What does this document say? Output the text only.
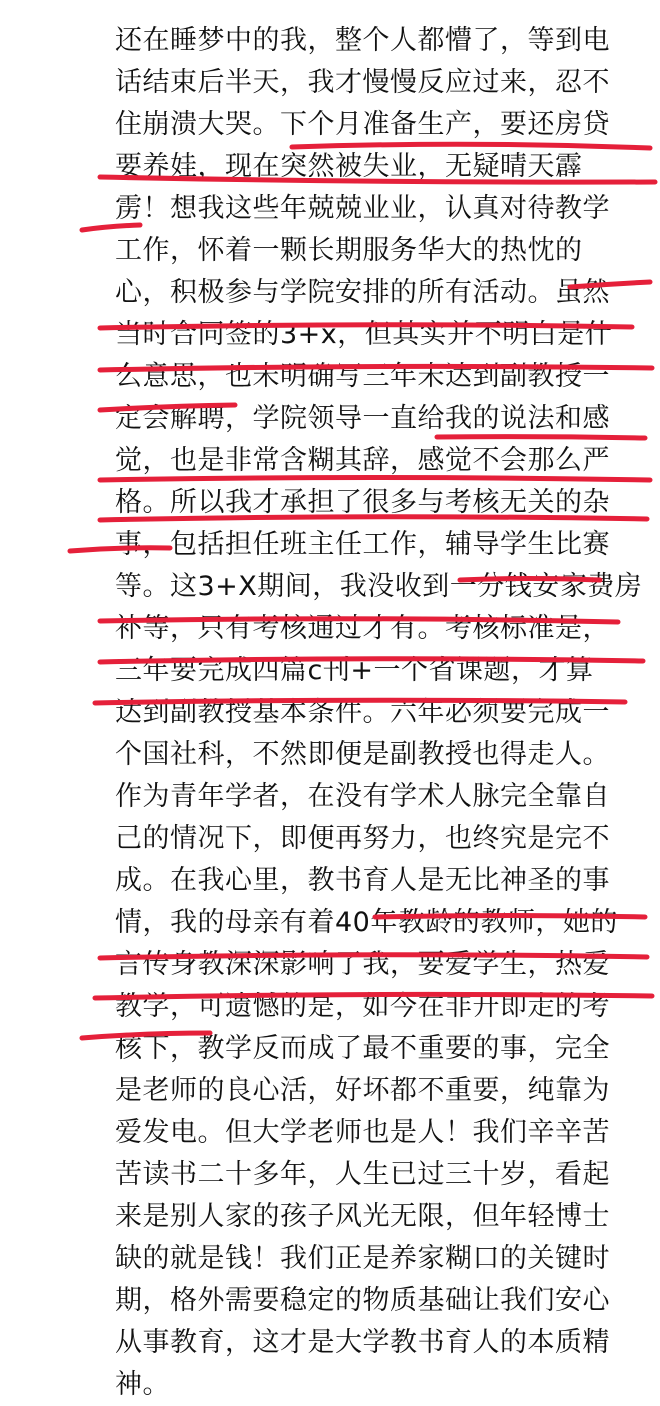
还在睡梦中的我，整个人都懵了，等到电
话结束后半天，我才慢慢反应过来，忍不
住崩溃大哭。下个月准备生产，要还房贷
要养娃，现在突然被失业，无疑晴天霹
雳！想我这些年兢兢业业，认真对待教学
工作，怀着一颗长期服务华大的热忱的
心，积极参与学院安排的所有活动。虽然
当时合同签的3+x，但其实并不明白是什
么意思，也未明确写三年未达到副教授一
定会解聘，学院领导一直给我的说法和感
觉，也是非常含糊其辞，感觉不会那么严
格。所以我才承担了很多与考核无关的杂
事，包括担任班主任工作，辅导学生比赛
等。这3+X期间，我没收到一分钱安家费房
补等，只有考核通过才有。考核标准是，
三年要完成四篇c刊+一个省课题，才算
达到副教授基本条件。六年必须要完成一
个国社科，不然即便是副教授也得走人。
作为青年学者，在没有学术人脉完全靠自
己的情况下，即便再努力，也终究是完不
成。在我心里，教书育人是无比神圣的事
情，我的母亲有着40年教龄的教师，她的
言传身教深深影响了我，要爱学生，热爱
教学，可遗憾的是，如今在非升即走的考
核下，教学反而成了最不重要的事，完全
是老师的良心活，好坏都不重要，纯靠为
爱发电。但大学老师也是人！我们辛辛苦
苦读书二十多年，人生已过三十岁，看起
来是别人家的孩子风光无限，但年轻博士
缺的就是钱！我们正是养家糊口的关键时
期，格外需要稳定的物质基础让我们安心
从事教育，这才是大学教书育人的本质精
神。
